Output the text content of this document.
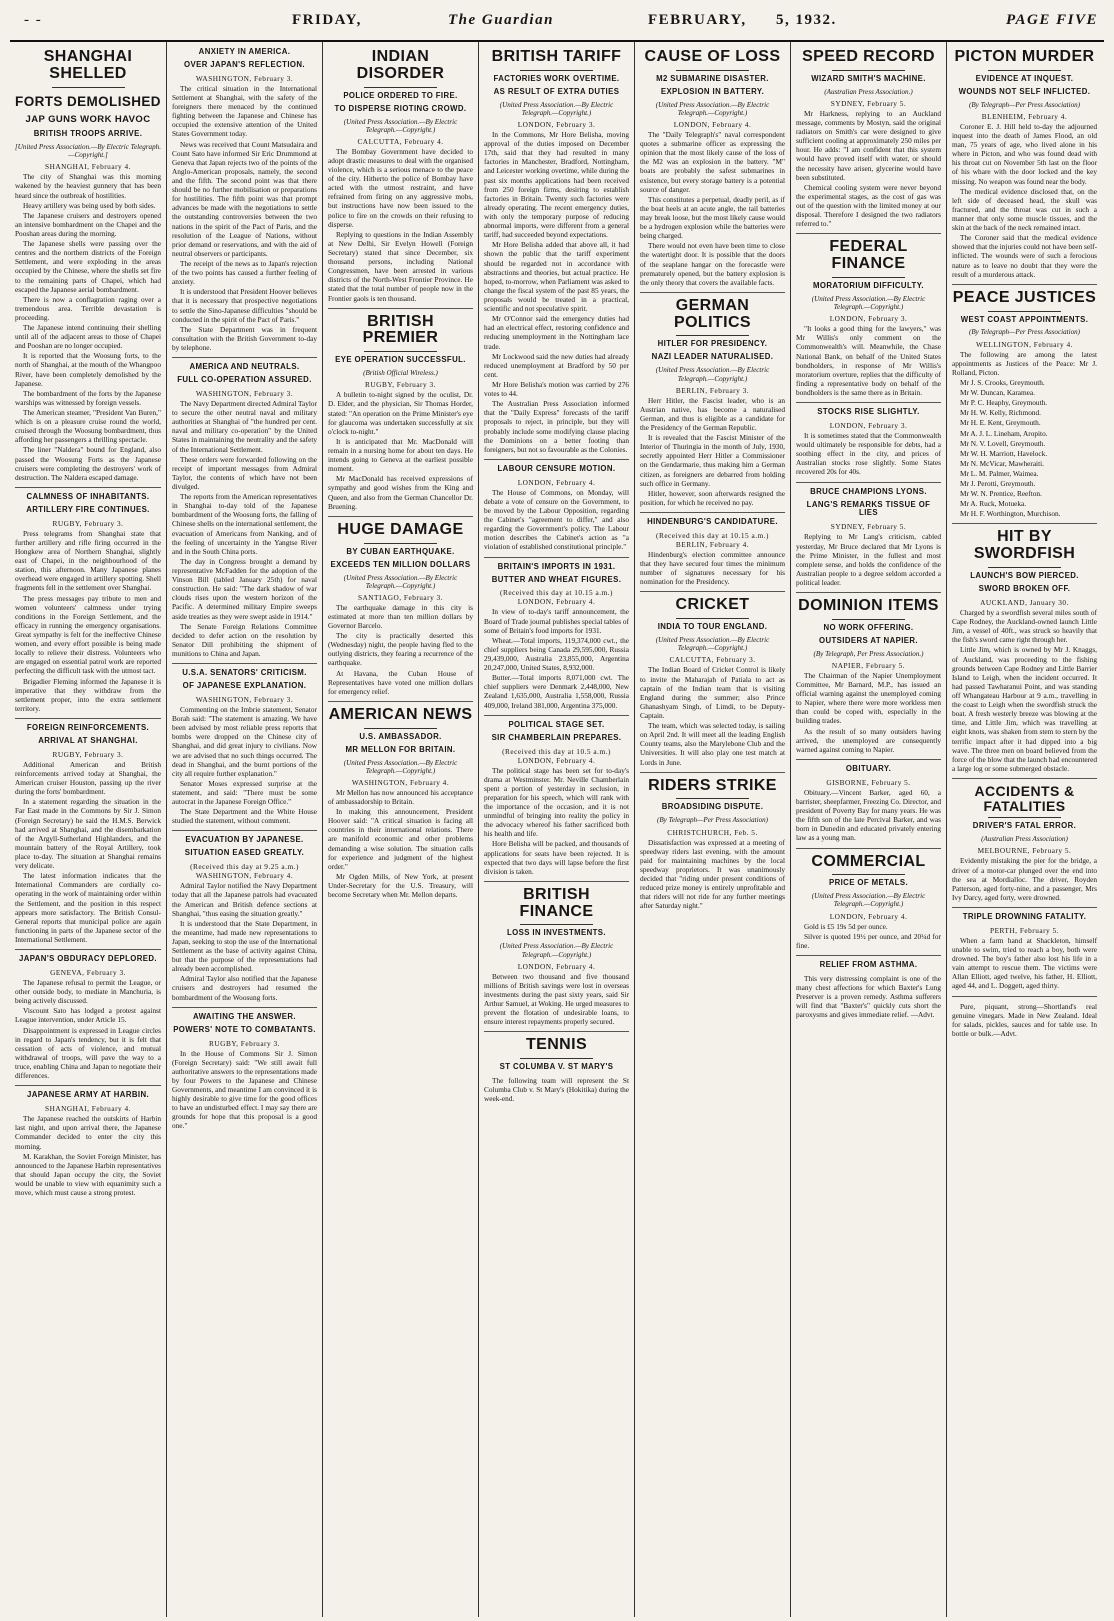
- -	FRIDAY,	The Guardian	FEBRUARY, 5, 1932.	PAGE FIVE
SHANGHAI SHELLED
FORTS DEMOLISHED
JAP GUNS WORK HAVOC
BRITISH TROOPS ARRIVE.
[United Press Association.—By Electric Telegraph.—Copyright.]
SHANGHAI, February 4.

The city of Shanghai was this morning wakened by the heaviest gunnery that has been heard since the outbreak of hostilities.

Heavy artillery was being used by both sides.

The Japanese cruisers and destroyers opened an intensive bombardment on the Chapei and the Pooshan areas during the morning.

The Japanese shells were passing over the centres and the northern districts of the Foreign Settlement, and were exploding in the areas occupied by the Chinese, where the shells set fire to the remaining parts of Chapei, which had escaped the Japanese aerial bombardment.

There is now a conflagration raging over a tremendous area. Terrible devastation is proceeding.

The Japanese intend continuing their shelling until all of the adjacent areas to those of Chapei and Pooshan are no longer occupied.

It is reported that the Woosung forts, to the north of Shanghai, at the mouth of the Whangpoo River, have been completely demolished by the Japanese.

The bombardment of the forts by the Japanese warships was witnessed by foreign vessels.

The American steamer, "President Van Buren," which is on a pleasure cruise round the world, cruised through the Woosung bombardment, thus affording her passengers a thrilling spectacle.

The liner "Naldera" bound for England, also passed the Woosung Forts as the Japanese cruisers were completing the destroyers' work of destruction. The Naldera escaped damage.

CALMNESS OF INHABITANTS.
ARTILLERY FIRE CONTINUES.
RUGBY, February 3.

Press telegrams from Shanghai state that further artillery and rifle firing occurred in the Hongkew area of Northern Shanghai, slightly east of Chapei, in the neighbourhood of the station, this afternoon. Many Japanese planes overhead were engaged in artillery spotting. Shell fragments fell in the settlement over Shanghai.

The press messages pay tribute to men and women volunteers' calmness under trying conditions in the Foreign Settlement, and the efficacy in running the emergency organisations. Great sympathy is felt for the ineffective Chinese women, and every effort possible is being made locally to relieve their distress. Volunteers who are engaged on essential patrol work are reported perfecting the difficult task with the utmost tact.

Brigadier Fleming informed the Japanese it is imperative that they withdraw from the settlement proper, into the extra settlement territory.

FOREIGN REINFORCEMENTS.
ARRIVAL AT SHANGHAI.
RUGBY, February 3.

Additional American and British reinforcements arrived today at Shanghai, the American cruiser Houston, passing up the river during the forts' bombardment.

In a statement regarding the situation in the Far East made in the Commons by Sir J. Simon (Foreign Secretary) he said the H.M.S. Berwick had arrived at Shanghai, and the disembarkation of the Argyll-Sutherland Highlanders, and the mountain battery of the Royal Artillery, took place to-day. The situation at Shanghai remains very delicate.

The latest information indicates that the International Commanders are cordially co-operating in the work of maintaining order within the Settlement, and the position in this respect appears more satisfactory. The British Consul-General reports that municipal police are again functioning in parts of the Japanese sector of the International Settlement.

JAPAN'S OBDURACY DEPLORED.
GENEVA, February 3.

The Japanese refusal to permit the League, or other outside body, to mediate in Manchuria, is being actively discussed.

Viscount Sato has lodged a protest against League intervention, under Article 15.

Disappointment is expressed in League circles in regard to Japan's tendency, but it is felt that cessation of acts of violence, and mutual withdrawal of troops, will pave the way to a truce, enabling China and Japan to negotiate their differences.

JAPANESE ARMY AT HARBIN.
SHANGHAI, February 4.

The Japanese reached the outskirts of Harbin last night, and upon arrival there, the Japanese Commander decided to enter the city this morning.

M. Karakhan, the Soviet Foreign Minister, has announced to the Japanese Harbin representatives that should Japan occupy the city, the Soviet would be unable to view with equanimity such a move, which must cause a strong protest.

ANXIETY IN AMERICA.
OVER JAPAN'S REFLECTION.
WASHINGTON, February 3.

The critical situation in the International Settlement at Shanghai, with the safety of the foreigners there menaced by the continued fighting between the Japanese and Chinese has occupied the extensive attention of the United States Government today.

News was received that Count Matsudaira and Count Sato have informed Sir Eric Drummond at Geneva that Japan rejects two of the points of the Anglo-American proposals, namely, the second and the fifth. The second point was that there should be no further mobilisation or preparations for hostilities. The fifth point was that prompt advances be made with the negotiations to settle the outstanding controversies between the two nations in the spirit of the Pact of Paris, and the resolution of the League of Nations, without prior demand or reservations, and with the aid of neutral observers or participants.

The receipt of the news as to Japan's rejection of the two points has caused a further feeling of anxiety.

It is understood that President Hoover believes that it is necessary that prospective negotiations to settle the Sino-Japanese difficulties "should be conducted in the spirit of the Pact of Paris."

The State Department was in frequent consultation with the British Government to-day by telephone.

AMERICA AND NEUTRALS.
FULL CO-OPERATION ASSURED.
WASHINGTON, February 3.

The Navy Department directed Admiral Taylor to secure the other neutral naval and military authorities at Shanghai of "the hundred per cent. naval and military co-operation" by the United States in maintaining the neutrality and the safety of the International Settlement.

These orders were forwarded following on the receipt of important messages from Admiral Taylor, the contents of which have not been divulged.

The reports from the American representatives in Shanghai to-day told of the Japanese bombardment of the Woosung forts, the falling of Chinese shells on the international settlement, the evacuation of Americans from Nanking, and of the feeling of uncertainty in the Yangtse River and in the South China ports.

The day in Congress brought a demand by representative McFadden for the adoption of the Vinson Bill (tabled January 25th) for naval construction. He said: "The dark shadow of war clouds rises upon the western horizon of the Pacific. A determined military Empire sweeps aside treaties as they were swept aside in 1914."

The Senate Foreign Relations Committee decided to defer action on the resolution by Senator Dill prohibiting the shipment of munitions to China and Japan.

U.S.A. SENATORS' CRITICISM.
OF JAPANESE EXPLANATION.
WASHINGTON, February 3.

Commenting on the Imbrie statement, Senator Borah said: "The statement is amazing. We have been advised by most reliable press reports that bombs were dropped on the Chinese city of Shanghai, and did great injury to civilians. Now we are advised that no such things occurred. The dead in Shanghai, and the burnt portions of the city all require further explanation."

Senator Moses expressed surprise at the statement, and said: "There must be some autocrat in the Japanese Foreign Office."

The State Department and the White House studied the statement, without comment.

EVACUATION BY JAPANESE.
SITUATION EASED GREATLY.
(Received this day at 9.25 a.m.) WASHINGTON, February 4.

Admiral Taylor notified the Navy Department today that all the Japanese patrols had evacuated the American and British defence sections at Shanghai, "thus easing the situation greatly."

It is understood that the State Department, in the meantime, had made new representations to Japan, seeking to stop the use of the International Settlement as the base of activity against China, but that the purpose of the representations had already been accomplished.

Admiral Taylor also notified that the Japanese cruisers and destroyers had resumed the bombardment of the Woosung forts.

AWAITING THE ANSWER.
POWERS' NOTE TO COMBATANTS.
RUGBY, February 3.

In the House of Commons Sir J. Simon (Foreign Secretary) said: "We still await full authoritative answers to the representations made by four Powers to the Japanese and Chinese Governments, and meantime I am convinced it is highly desirable to give time for the good offices to have an undisturbed effect. I may say there are grounds for hope that this proposal is a good one."

INDIAN DISORDER
POLICE ORDERED TO FIRE.
TO DISPERSE RIOTING CROWD.
(United Press Association.—By Electric Telegraph.—Copyright.)
CALCUTTA, February 4.

The Bombay Government have decided to adopt drastic measures to deal with the organised violence, which is a serious menace to the peace of the city. Hitherto the police of Bombay have acted with the utmost restraint, and have refrained from firing on any aggressive mobs, but instructions have now been issued to the police to fire on the crowds on their refusing to disperse.

Replying to questions in the Indian Assembly at New Delhi, Sir Evelyn Howell (Foreign Secretary) stated that since December, six thousand persons, including National Congressmen, have been arrested in various districts of the North-West Frontier Province. He stated that the total number of people now in the Frontier gaols is ten thousand.

BRITISH PREMIER
EYE OPERATION SUCCESSFUL.
(British Official Wireless.)
RUGBY, February 3.

A bulletin to-night signed by the oculist, Dr. D. Elder, and the physician, Sir Thomas Horder, stated: "An operation on the Prime Minister's eye for glaucoma was undertaken successfully at six o'clock to-night."

It is anticipated that Mr. MacDonald will remain in a nursing home for about ten days. He intends going to Geneva at the earliest possible moment.

Mr MacDonald has received expressions of sympathy and good wishes from the King and Queen, and also from the German Chancellor Dr. Bruening.

HUGE DAMAGE
BY CUBAN EARTHQUAKE.
EXCEEDS TEN MILLION DOLLARS
(United Press Association.—By Electric Telegraph.—Copyright.)
SANTIAGO, February 3.

The earthquake damage in this city is estimated at more than ten million dollars by Governor Barcelo.

The city is practically deserted this (Wednesday) night, the people having fled to the outlying districts, they fearing a recurrence of the earthquake.

At Havana, the Cuban House of Representatives have voted one million dollars for emergency relief.

AMERICAN NEWS
U.S. AMBASSADOR.
MR MELLON FOR BRITAIN.
(United Press Association.—By Electric Telegraph.—Copyright.)
WASHINGTON, February 4.

Mr Mellon has now announced his acceptance of ambassadorship to Britain.

In making this announcement, President Hoover said: "A critical situation is facing all countries in their international relations. There are manifold economic and other problems demanding a wise solution. The situation calls for experience and judgment of the highest order."

Mr Ogden Mills, of New York, at present Under-Secretary for the U.S. Treasury, will become Secretary when Mr. Mellon departs.

BRITISH TARIFF
FACTORIES WORK OVERTIME.
AS RESULT OF EXTRA DUTIES
(United Press Association.—By Electric Telegraph.—Copyright.)
LONDON, February 3.

In the Commons, Mr Hore Belisha, moving approval of the duties imposed on December 17th, said that they had resulted in many factories in Manchester, Bradford, Nottingham, and Leicester working overtime, while during the past six months applications had been received from 250 foreign firms, desiring to establish factories in Britain. Twenty such factories were already operating. The recent emergency duties, with only the temporary purpose of reducing abnormal imports, were different from a general tariff, had succeeded beyond expectations.

Mr Hore Belisha added that above all, it had shown the public that the tariff experiment should be regarded not in accordance with abstractions and theories, but actual practice. He hoped, to-morrow, when Parliament was asked to change the fiscal system of the past 85 years, the proposals would be treated in a practical, scientific and not speculative spirit.

Mr O'Connor said the emergency duties had had an electrical effect, restoring confidence and reducing unemployment in the Nottingham lace trade.

Mr Lockwood said the new duties had already reduced unemployment at Bradford by 50 per cent.

Mr Hore Belisha's motion was carried by 276 votes to 44.

The Australian Press Association informed that the "Daily Express" forecasts of the tariff proposals to reject, in principle, but they will probably include some modifying clause placing the Dominions on a better footing than foreigners, but not so favourable as the Colonies.

LABOUR CENSURE MOTION.
LONDON, February 4.

The House of Commons, on Monday, will debate a vote of censure on the Government, to be moved by the Labour Opposition, regarding the Cabinet's "agreement to differ," and also regarding the Government's policy. The Labour motion describes the Cabinet's action as "a violation of established constitutional principle."

BRITAIN'S IMPORTS IN 1931.
BUTTER AND WHEAT FIGURES.
(Received this day at 10.15 a.m.) LONDON, February 4.

In view of to-day's tariff announcement, the Board of Trade journal publishes special tables of some of Britain's food imports for 1931.

Wheat.—Total imports, 119,374,000 cwt., the chief suppliers being Canada 29,595,000, Russia 29,439,000, Australia 23,855,000, Argentina 20,247,000, United States, 8,932,000.

Butter.—Total imports 8,071,000 cwt. The chief suppliers were Denmark 2,448,000, New Zealand 1,635,000, Australia 1,558,000, Russia 409,000, Ireland 381,000, Argentina 375,000.

POLITICAL STAGE SET.
SIR CHAMBERLAIN PREPARES.
(Received this day at 10.5 a.m.) LONDON, February 4.

The political stage has been set for to-day's drama at Westminster. Mr. Neville Chamberlain spent a portion of yesterday in seclusion, in preparation for his speech, which will rank with the importance of the occasion, and it is not unmindful of bringing into reality the policy in the advocacy whereof his father sacrificed both his health and life.

Hore Belisha will be packed, and thousands of applications for seats have been rejected. It is expected that two days will lapse before the first division is taken.

BRITISH FINANCE
LOSS IN INVESTMENTS.
(United Press Association.—By Electric Telegraph.—Copyright.)
LONDON, February 4.

Between two thousand and five thousand millions of British savings were lost in overseas investments during the past sixty years, said Sir Arthur Samuel, at Woking. He urged measures to prevent the flotation of undesirable loans, to ensure interest repayments properly secured.

TENNIS
ST COLUMBA V. ST MARY'S

The following team will represent the St Columba Club v. St Mary's (Hokitika) during the week-end.

CAUSE OF LOSS
M2 SUBMARINE DISASTER.
EXPLOSION IN BATTERY.
(United Press Association.—By Electric Telegraph.—Copyright.)
LONDON, February 4.

The "Daily Telegraph's" naval correspondent quotes a submarine officer as expressing the opinion that the most likely cause of the loss of the M2 was an explosion in the battery. "M" boats are probably the safest submarines in existence, but every storage battery is a potential source of danger.

This constitutes a perpetual, deadly peril, as if the boat heels at an acute angle, the tail batteries may break loose, but the most likely cause would be a hydrogen explosion while the batteries were being charged.

There would not even have been time to close the watertight door. It is possible that the doors of the seaplane hangar on the forecastle were prematurely opened, but the battery explosion is the only theory that covers the available facts.

GERMAN POLITICS
HITLER FOR PRESIDENCY.
NAZI LEADER NATURALISED.
(United Press Association.—By Electric Telegraph.—Copyright.)
BERLIN, February 3.

Herr Hitler, the Fascist leader, who is an Austrian native, has become a naturalised German, and thus is eligible as a candidate for the Presidency of the German Republic.

It is revealed that the Fascist Minister of the Interior of Thuringia in the month of July, 1930, secretly appointed Herr Hitler a Commissioner on the Gendarmarie, thus making him a German citizen, as foreigners are debarred from holding such office in Germany.

Hitler, however, soon afterwards resigned the position, for which he received no pay.

HINDENBURG'S CANDIDATURE.
(Received this day at 10.15 a.m.) BERLIN, February 4.

Hindenburg's election committee announce that they have secured four times the minimum number of signatures necessary for his nomination for the Presidency.

CRICKET
INDIA TO TOUR ENGLAND.
(United Press Association.—By Electric Telegraph.—Copyright.)
CALCUTTA, February 3.

The Indian Board of Cricket Control is likely to invite the Maharajah of Patiala to act as captain of the Indian team that is visiting England during the summer; also Prince Ghanashyam Singh, of Limdi, to be Deputy-Captain.

The team, which was selected today, is sailing on April 2nd. It will meet all the leading English County teams, also the Marylebone Club and the Universities. It will also play one test match at Lords in June.

RIDERS STRIKE
BROADSIDING DISPUTE.
(By Telegraph—Per Press Association)
CHRISTCHURCH, Feb. 5.

Dissatisfaction was expressed at a meeting of speedway riders last evening, with the amount paid for maintaining machines by the local speedway proprietors. It was unanimously decided that "riding under present conditions of reduced prize money is entirely unprofitable and that riders will not ride for any further meetings after Saturday night."

SPEED RECORD
WIZARD SMITH'S MACHINE.
(Australian Press Association.)
SYDNEY, February 5.

Mr Harkness, replying to an Auckland message, comments by Mostyn, said the original radiators on Smith's car were designed to give sufficient cooling at approximately 250 miles per hour. He adds: "I am confident that this system would have proved itself with water, or should the necessity have arisen, glycerine would have been substituted.

Chemical cooling system were never beyond the experimental stages, as the cost of gas was out of the question with the limited money at our disposal. Therefore I designed the two radiators referred to."

FEDERAL FINANCE
MORATORIUM DIFFICULTY.
(United Press Association.—By Electric Telegraph.—Copyright.)
LONDON, February 3.

"It looks a good thing for the lawyers," was Mr Willis's only comment on the Commonwealth's will. Meanwhile, the Chase National Bank, on behalf of the United States bondholders, in response of Mr Willis's moratorium overture, replies that the difficulty of finding a representative body on behalf of the bondholders is the same there as in Britain.

STOCKS RISE SLIGHTLY.
LONDON, February 3.

It is sometimes stated that the Commonwealth would ultimately be responsible for debts, had a soothing effect in the city, and prices of Australian stocks rose slightly. Some States recovered 20s for 40s.

BRUCE CHAMPIONS LYONS.
LANG'S REMARKS TISSUE OF LIES
SYDNEY, February 5.

Replying to Mr Lang's criticism, cabled yesterday, Mr Bruce declared that Mr Lyons is the Prime Minister, in the fullest and most complete sense, and holds the confidence of the Australian people to a degree seldom accorded a political leader.

DOMINION ITEMS
NO WORK OFFERING.
OUTSIDERS AT NAPIER.
(By Telegraph, Per Press Association.)
NAPIER, February 5.

The Chairman of the Napier Unemployment Committee, Mr Barnard, M.P., has issued an official warning against the unemployed coming to Napier, where there were more workless men than could be coped with, especially in the building trades.

As the result of so many outsiders having arrived, the unemployed are consequently warned against coming to Napier.

OBITUARY.
GISBORNE, February 5.

Obituary.—Vincent Barker, aged 60, a barrister, sheepfarmer, Freezing Co. Director, and president of Poverty Bay for many years. He was the fifth son of the late Percival Barker, and was born in Dunedin and educated privately entering law as a young man.

COMMERCIAL
PRICE OF METALS.
(United Press Association.—By Electric Telegraph.—Copyright.)
LONDON, February 4.

Gold is £5 19s 5d per ounce.

Silver is quoted 19½ per ounce, and 20¼d for fine.

RELIEF FROM ASTHMA.

This very distressing complaint is one of the many chest affections for which Baxter's Lung Preserver is a proven remedy. Asthma sufferers will find that "Baxter's" quickly cuts short the paroxysms and gives immediate relief. —Advt.

PICTON MURDER
EVIDENCE AT INQUEST.
WOUNDS NOT SELF INFLICTED.
(By Telegraph—Per Press Association)
BLENHEIM, February 4.

Coroner E. J. Hill held to-day the adjourned inquest into the death of James Flood, an old man, 75 years of age, who lived alone in his where in Picton, and who was found dead with his throat cut on November 5th last on the floor of his whare with the door locked and the key missing. No weapon was found near the body.

The medical evidence disclosed that, on the left side of deceased head, the skull was fractured, and the throat was cut in such a manner that only some muscle tissues, and the skin at the back of the neck remained intact.

The Coroner said that the medical evidence showed that the injuries could not have been self-inflicted. The wounds were of such a ferocious nature as to leave no doubt that they were the result of a murderous attack.

PEACE JUSTICES
WEST COAST APPOINTMENTS.
(By Telegraph—Per Press Association)
WELLINGTON, February 4.

The following are among the latest appointments as Justices of the Peace: Mr J. Rolland, Picton.

Mr J. S. Crooks, Greymouth.

Mr W. Duncan, Karamea.

Mr P. C. Heaphy, Greymouth.

Mr H. W. Kelly, Richmond.

Mr H. E. Kent, Greymouth.

Mr A. J. L. Lineham, Aropito.

Mr N. V. Lovell, Greymouth.

Mr W. H. Marriott, Havelock.

Mr N. McVicar, Mawheraiti.

Mr L. M. Palmer, Waimea.

Mr J. Perotti, Greymouth.

Mr W. N. Prentice, Reefton.

Mr A. Ruck, Motueka.

Mr H. F. Worthington, Murchison.

HIT BY SWORDFISH
LAUNCH'S BOW PIERCED.
SWORD BROKEN OFF.
AUCKLAND, January 30.

Charged by a swordfish several miles south of Cape Rodney, the Auckland-owned launch Little Jim, a vessel of 40ft., was struck so heavily that the fish's sword came right through her.

Little Jim, which is owned by Mr J. Knaggs, of Auckland, was proceeding to the fishing grounds between Cape Rodney and Little Barrier Island to Leigh, when the incident occurred. It had passed Tawharanui Point, and was standing off Whangateau Harbour at 9 a.m., travelling in the coast to Leigh when the swordfish struck the boat. A fresh westerly breeze was blowing at the time, and Little Jim, which was travelling at eight knots, was shaken from stem to stern by the terrific impact after it had dipped into a big wave. The three men on board believed from the force of the blow that the launch had encountered a large log or some submerged obstacle.

ACCIDENTS & FATALITIES
DRIVER'S FATAL ERROR.
(Australian Press Association)
MELBOURNE, February 5.

Evidently mistaking the pier for the bridge, a driver of a motor-car plunged over the end into the sea at Mordialloc. The driver, Royden Patterson, aged forty-nine, and a passenger, Mrs Ivy Darcy, aged forty, were drowned.

TRIPLE DROWNING FATALITY.
PERTH, February 5.

When a farm hand at Shackleton, himself unable to swim, tried to reach a boy, both were drowned. The boy's father also lost his life in a vain attempt to rescue them. The victims were Allan Elliott, aged twelve, his father, H. Elliott, aged 44, and L. Doggett, aged thirty.

Pure, piquant, strong—Shortland's real genuine vinegars. Made in New Zealand. Ideal for salads, pickles, sauces and for table use. In bottle or bulk.—Advt.
